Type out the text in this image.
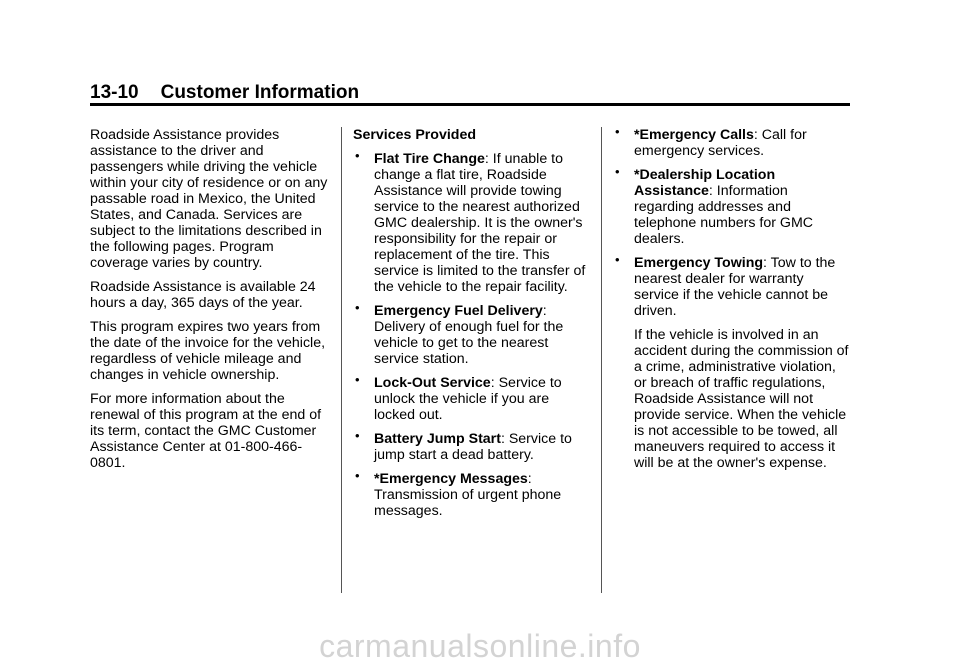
13-10 Customer Information

Roadside Assistance provides assistance to the driver and passengers while driving the vehicle within your city of residence or on any passable road in Mexico, the United States, and Canada. Services are subject to the limitations described in the following pages. Program coverage varies by country.

Roadside Assistance is available 24 hours a day, 365 days of the year.

This program expires two years from the date of the invoice for the vehicle, regardless of vehicle mileage and changes in vehicle ownership.

For more information about the renewal of this program at the end of its term, contact the GMC Customer Assistance Center at 01-800-466-0801.

Services Provided
• Flat Tire Change: If unable to change a flat tire, Roadside Assistance will provide towing service to the nearest authorized GMC dealership. It is the owner's responsibility for the repair or replacement of the tire. This service is limited to the transfer of the vehicle to the repair facility.
• Emergency Fuel Delivery: Delivery of enough fuel for the vehicle to get to the nearest service station.
• Lock-Out Service: Service to unlock the vehicle if you are locked out.
• Battery Jump Start: Service to jump start a dead battery.
• *Emergency Messages: Transmission of urgent phone messages.
• *Emergency Calls: Call for emergency services.
• *Dealership Location Assistance: Information regarding addresses and telephone numbers for GMC dealers.
• Emergency Towing: Tow to the nearest dealer for warranty service if the vehicle cannot be driven.

If the vehicle is involved in an accident during the commission of a crime, administrative violation, or breach of traffic regulations, Roadside Assistance will not provide service. When the vehicle is not accessible to be towed, all maneuvers required to access it will be at the owner's expense.

carmanualsonline.info
